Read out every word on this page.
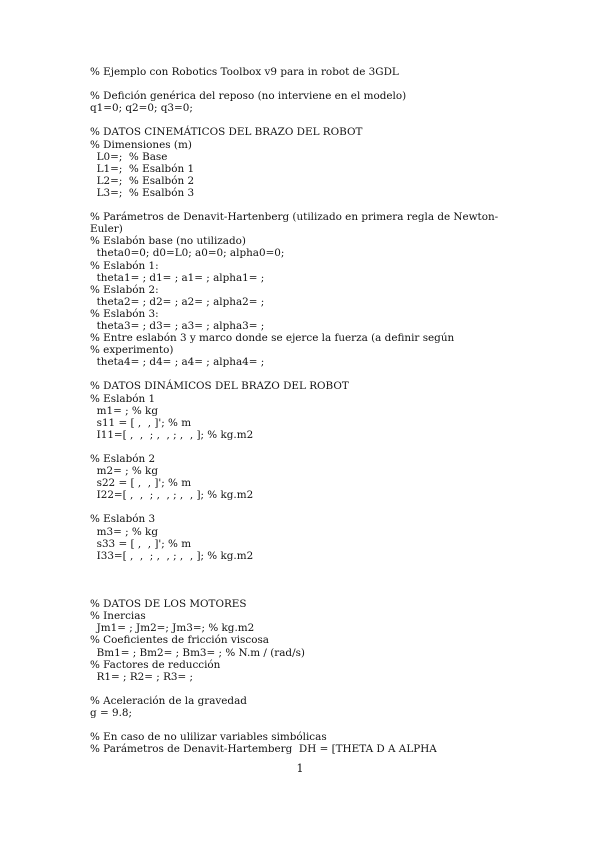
% Ejemplo con Robotics Toolbox v9 para in robot de 3GDL
% Defición genérica del reposo (no interviene en el modelo)
q1=0; q2=0; q3=0;
% DATOS CINEMÁTICOS DEL BRAZO DEL ROBOT
% Dimensiones (m)
L0=;  % Base
L1=;  % Esalbón 1
L2=;  % Esalbón 2
L3=;  % Esalbón 3
% Parámetros de Denavit-Hartenberg (utilizado en primera regla de Newton-Euler)
% Eslabón base (no utilizado)
theta0=0; d0=L0; a0=0; alpha0=0;
% Eslabón 1:
theta1= ; d1= ; a1= ; alpha1= ;
% Eslabón 2:
theta2= ; d2= ; a2= ; alpha2= ;
% Eslabón 3:
theta3= ; d3= ; a3= ; alpha3= ;
% Entre eslabón 3 y marco donde se ejerce la fuerza (a definir según
% experimento)
theta4= ; d4= ; a4= ; alpha4= ;
% DATOS DINÁMICOS DEL BRAZO DEL ROBOT
% Eslabón 1
m1= ; % kg
s11 = [ ,  , ]'; % m
I11=[ ,  ,  ; ,  , ; ,  , ]; % kg.m2
% Eslabón 2
m2= ; % kg
s22 = [ ,  , ]'; % m
I22=[ ,  ,  ; ,  , ; ,  , ]; % kg.m2
% Eslabón 3
m3= ; % kg
s33 = [ ,  , ]'; % m
I33=[ ,  ,  ; ,  , ; ,  , ]; % kg.m2
% DATOS DE LOS MOTORES
% Inercias
Jm1= ; Jm2=; Jm3=; % kg.m2
% Coeficientes de fricción viscosa
Bm1= ; Bm2= ; Bm3= ; % N.m / (rad/s)
% Factores de reducción
R1= ; R2= ; R3= ;
% Aceleración de la gravedad
g = 9.8;
% En caso de no ulilizar variables simbólicas
% Parámetros de Denavit-Hartemberg  DH = [THETA D A ALPHA
1
